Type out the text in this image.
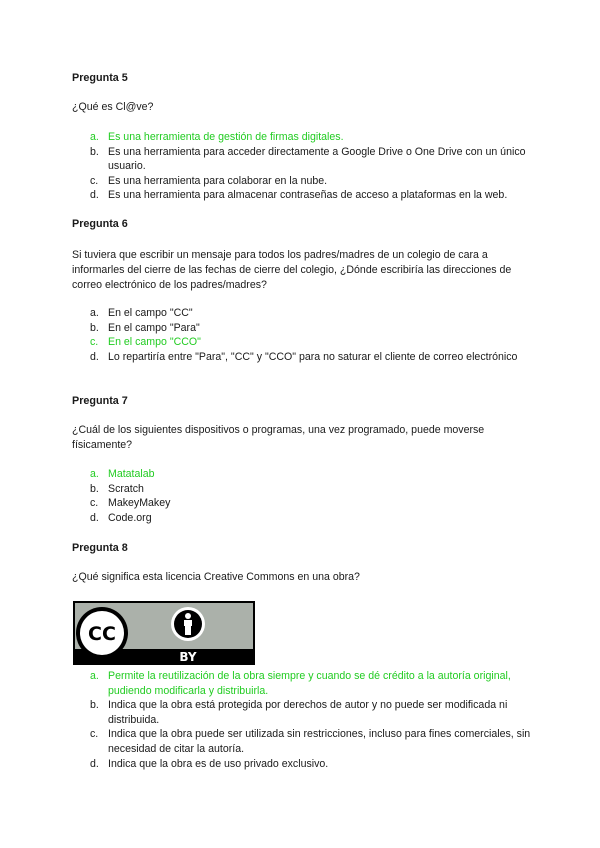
Pregunta 5
¿Qué es Cl@ve?
a. Es una herramienta de gestión de firmas digitales.
b. Es una herramienta para acceder directamente a Google Drive o One Drive con un único usuario.
c. Es una herramienta para colaborar en la nube.
d. Es una herramienta para almacenar contraseñas de acceso a plataformas en la web.
Pregunta 6
Si tuviera que escribir un mensaje para todos los padres/madres de un colegio de cara a informarles del cierre de las fechas de cierre del colegio, ¿Dónde escribiría las direcciones de correo electrónico de los padres/madres?
a. En el campo "CC"
b. En el campo "Para"
c. En el campo "CCO"
d. Lo repartiría entre "Para", "CC" y "CCO" para no saturar el cliente de correo electrónico
Pregunta 7
¿Cuál de los siguientes dispositivos o programas, una vez programado, puede moverse físicamente?
a. Matatalab
b. Scratch
c. MakeyMakey
d. Code.org
Pregunta 8
¿Qué significa esta licencia Creative Commons en una obra?
CC
BY
a. Permite la reutilización de la obra siempre y cuando se dé crédito a la autoría original, pudiendo modificarla y distribuirla.
b. Indica que la obra está protegida por derechos de autor y no puede ser modificada ni distribuida.
c. Indica que la obra puede ser utilizada sin restricciones, incluso para fines comerciales, sin necesidad de citar la autoría.
d. Indica que la obra es de uso privado exclusivo.
